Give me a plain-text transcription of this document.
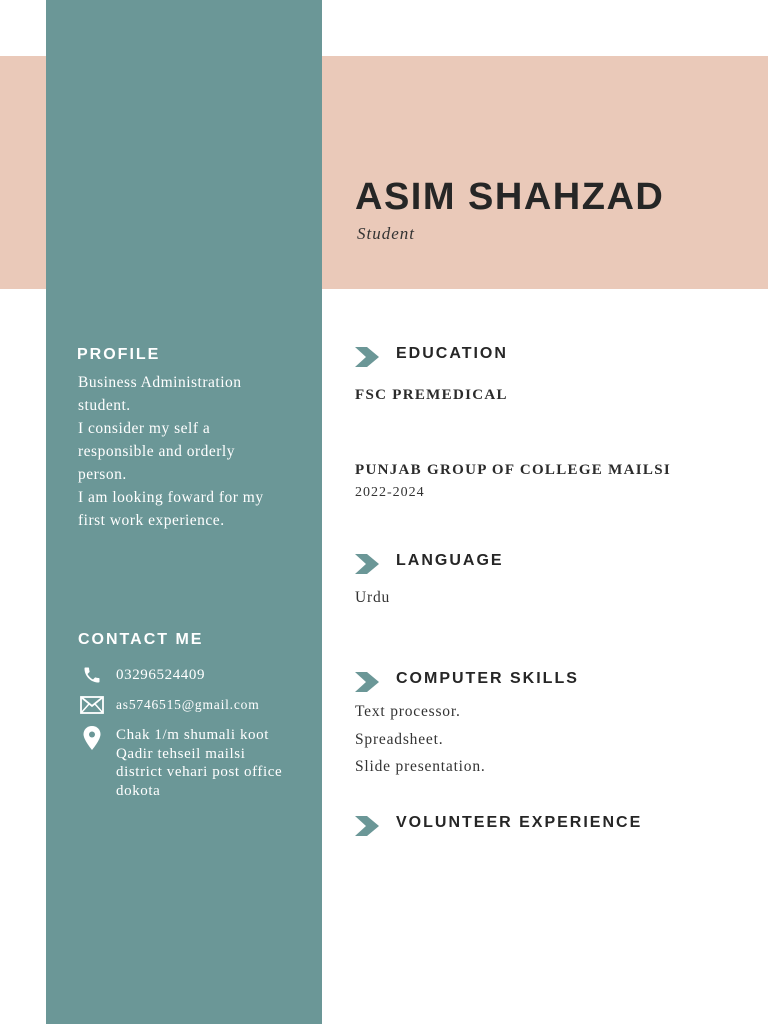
ASIM SHAHZAD
Student
PROFILE
Business Administration student.
I consider my self a responsible and orderly person.
I am looking foward for my first work experience.
CONTACT ME
03296524409
as5746515@gmail.com
Chak 1/m shumali koot Qadir tehseil mailsi district vehari post office dokota
EDUCATION
FSC PREMEDICAL
PUNJAB GROUP OF COLLEGE MAILSI
2022-2024
LANGUAGE
Urdu
COMPUTER SKILLS
Text processor.
Spreadsheet.
Slide presentation.
VOLUNTEER EXPERIENCE
